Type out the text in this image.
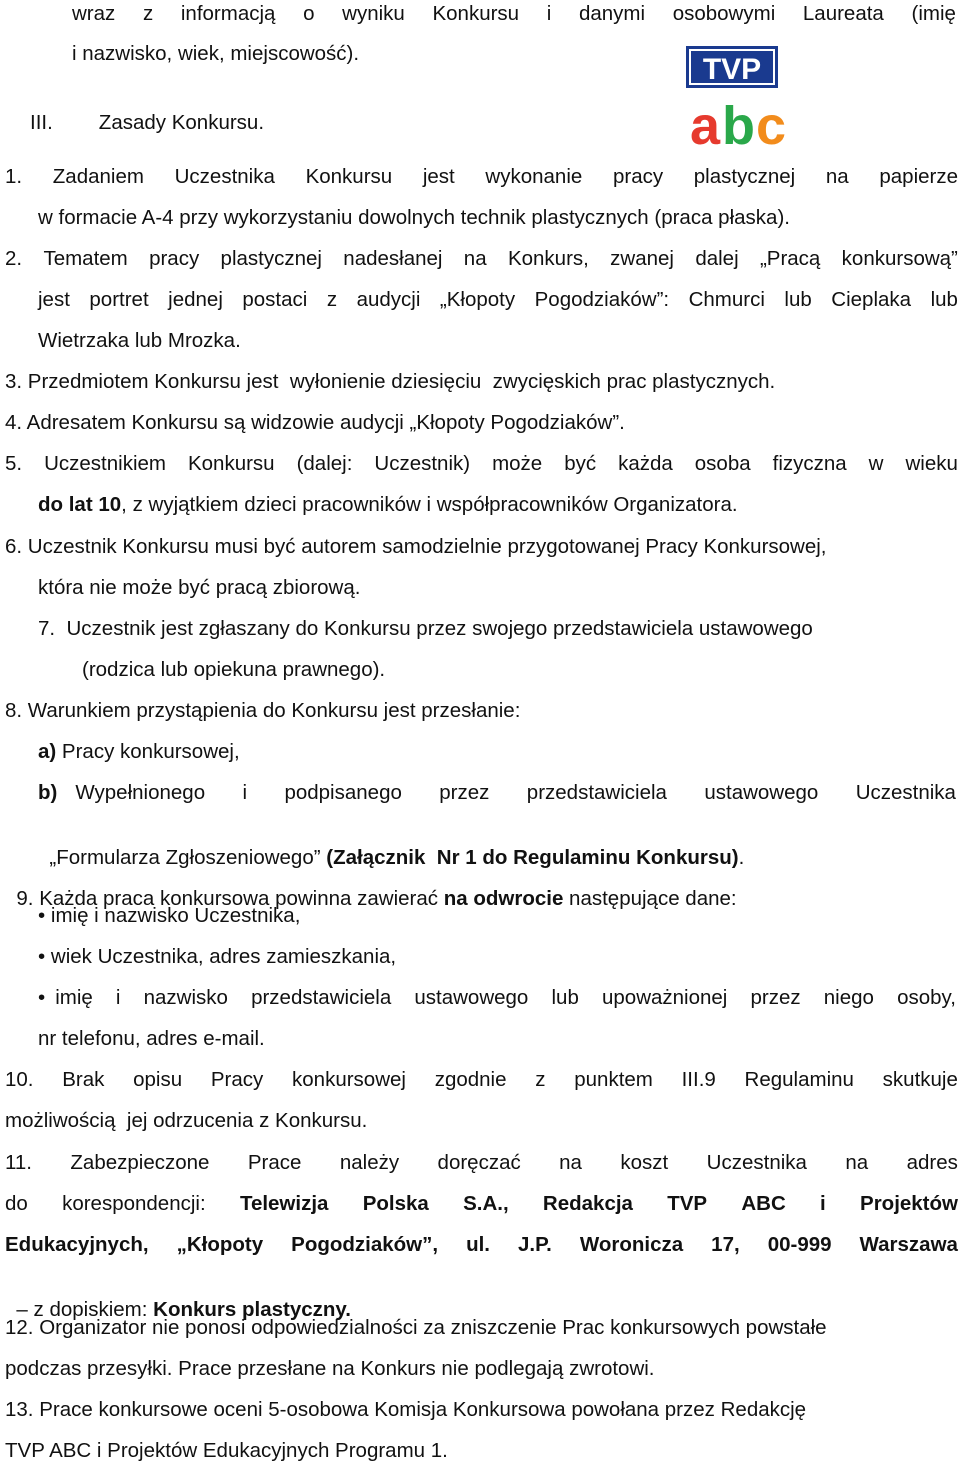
TVP
a b c
wraz z informacją o wyniku Konkursu i danymi osobowymi Laureata (imię
i nazwisko, wiek, miejscowość).
III. Zasady Konkursu.
1. Zadaniem Uczestnika Konkursu jest wykonanie pracy plastycznej na papierze
w formacie A-4 przy wykorzystaniu dowolnych technik plastycznych (praca płaska).
2. Tematem pracy plastycznej nadesłanej na Konkurs, zwanej dalej „Pracą konkursową”
jest portret jednej postaci z audycji „Kłopoty Pogodziaków”: Chmurci lub Cieplaka lub
Wietrzaka lub Mrozka.
3. Przedmiotem Konkursu jest  wyłonienie dziesięciu  zwycięskich prac plastycznych.
4. Adresatem Konkursu są widzowie audycji „Kłopoty Pogodziaków”.
5. Uczestnikiem Konkursu (dalej: Uczestnik) może być każda osoba fizyczna w wieku
do lat 10, z wyjątkiem dzieci pracowników i współpracowników Organizatora.
6. Uczestnik Konkursu musi być autorem samodzielnie przygotowanej Pracy Konkursowej,
która nie może być pracą zbiorową.
7.  Uczestnik jest zgłaszany do Konkursu przez swojego przedstawiciela ustawowego
(rodzica lub opiekuna prawnego).
8. Warunkiem przystąpienia do Konkursu jest przesłanie:
a) Pracy konkursowej,
b) Wypełnionego i podpisanego przez przedstawiciela ustawowego Uczestnika

„Formularza Zgłoszeniowego” (Załącznik  Nr 1 do Regulaminu Konkursu).

9. Każda praca konkursowa powinna zawierać na odwrocie następujące dane:

• imię i nazwisko Uczestnika,
• wiek Uczestnika, adres zamieszkania,
• imię i nazwisko przedstawiciela ustawowego lub upoważnionej przez niego osoby,
nr telefonu, adres e-mail.
10. Brak opisu Pracy konkursowej zgodnie z punktem III.9 Regulaminu skutkuje
możliwością  jej odrzucenia z Konkursu.
11. Zabezpieczone Prace należy doręczać na koszt Uczestnika na adres
do korespondencji: Telewizja Polska S.A., Redakcja TVP ABC i Projektów
Edukacyjnych, „Kłopoty Pogodziaków”, ul. J.P. Woronicza 17, 00-999 Warszawa

– z dopiskiem: Konkurs plastyczny.

12. Organizator nie ponosi odpowiedzialności za zniszczenie Prac konkursowych powstałe
podczas przesyłki. Prace przesłane na Konkurs nie podlegają zwrotowi.
13. Prace konkursowe oceni 5-osobowa Komisja Konkursowa powołana przez Redakcję
TVP ABC i Projektów Edukacyjnych Programu 1.
